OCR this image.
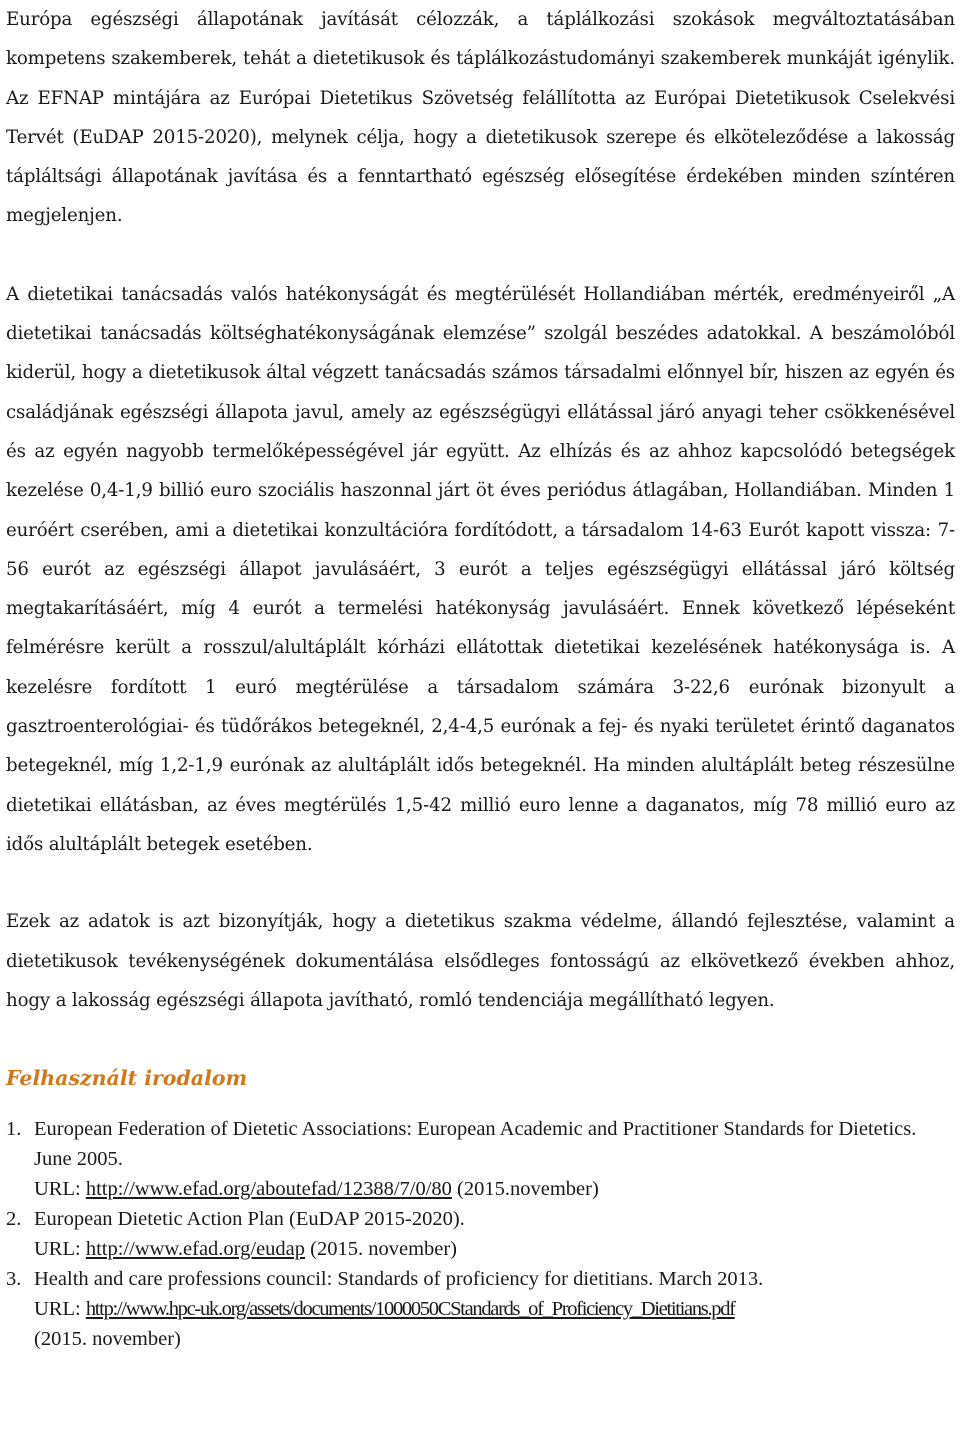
Európa egészségi állapotának javítását célozzák, a táplálkozási szokások megváltoztatásában kompetens szakemberek, tehát a dietetikusok és táplálkozástudományi szakemberek munkáját igénylik. Az EFNAP mintájára az Európai Dietetikus Szövetség felállította az Európai Dietetikusok Cselekvési Tervét (EuDAP 2015-2020), melynek célja, hogy a dietetikusok szerepe és elköteleződése a lakosság tápláltsági állapotának javítása és a fenntartható egészség elősegítése érdekében minden színtéren megjelenjen.

A dietetikai tanácsadás valós hatékonyságát és megtérülését Hollandiában mérték, eredményeiről „A dietetikai tanácsadás költséghatékonyságának elemzése” szolgál beszédes adatokkal. A beszámolóból kiderül, hogy a dietetikusok által végzett tanácsadás számos társadalmi előnnyel bír, hiszen az egyén és családjának egészségi állapota javul, amely az egészségügyi ellátással járó anyagi teher csökkenésével és az egyén nagyobb termelőképességével jár együtt. Az elhízás és az ahhoz kapcsolódó betegségek kezelése 0,4-1,9 billió euro szociális haszonnal járt öt éves periódus átlagában, Hollandiában. Minden 1 euróért cserében, ami a dietetikai konzultációra fordítódott, a társadalom 14-63 Eurót kapott vissza: 7-56 eurót az egészségi állapot javulásáért, 3 eurót a teljes egészségügyi ellátással járó költség megtakarításáért, míg 4 eurót a termelési hatékonyság javulásáért. Ennek következő lépéseként felmérésre került a rosszul/alultáplált kórházi ellátottak dietetikai kezelésének hatékonysága is. A kezelésre fordított 1 euró megtérülése a társadalom számára 3-22,6 eurónak bizonyult a gasztroenterológiai- és tüdőrákos betegeknél, 2,4-4,5 eurónak a fej- és nyaki területet érintő daganatos betegeknél, míg 1,2-1,9 eurónak az alultáplált idős betegeknél. Ha minden alultáplált beteg részesülne dietetikai ellátásban, az éves megtérülés 1,5-42 millió euro lenne a daganatos, míg 78 millió euro az idős alultáplált betegek esetében.

Ezek az adatok is azt bizonyítják, hogy a dietetikus szakma védelme, állandó fejlesztése, valamint a dietetikusok tevékenységének dokumentálása elsődleges fontosságú az elkövetkező években ahhoz, hogy a lakosság egészségi állapota javítható, romló tendenciája megállítható legyen.

Felhasznált irodalom
1. European Federation of Dietetic Associations: European Academic and Practitioner Standards for Dietetics. June 2005.
URL: http://www.efad.org/aboutefad/12388/7/0/80 (2015.november)
2. European Dietetic Action Plan (EuDAP 2015-2020).
URL: http://www.efad.org/eudap (2015. november)
3. Health and care professions council: Standards of proficiency for dietitians. March 2013.
URL: http://www.hpc-uk.org/assets/documents/1000050CStandards_of_Proficiency_Dietitians.pdf
(2015. november)
